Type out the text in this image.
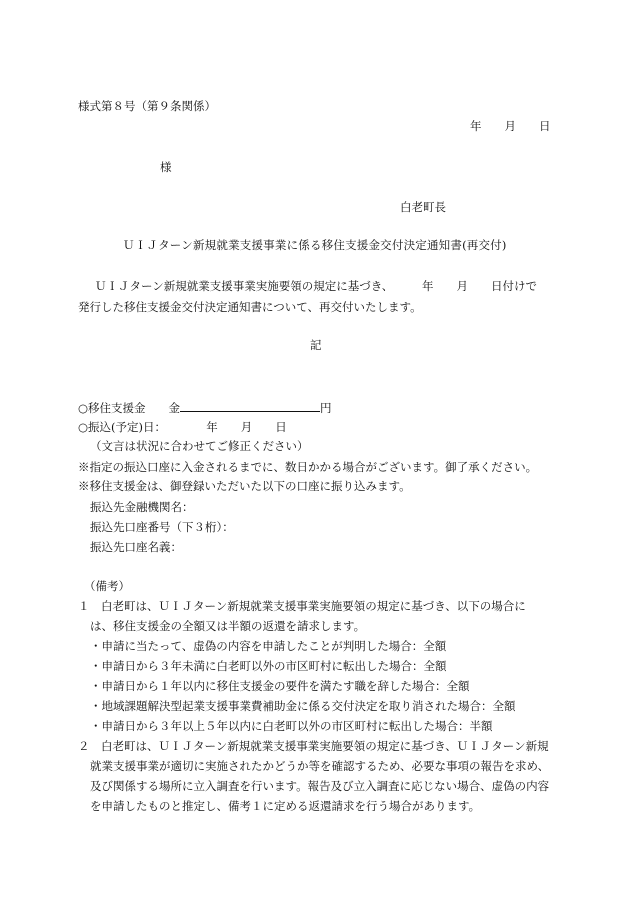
様式第８号（第９条関係）
年　　月　　日
様
白老町長
ＵＩＪターン新規就業支援事業に係る移住支援金交付決定通知書(再交付)
ＵＩＪターン新規就業支援事業実施要領の規定に基づき、　　　年　　月　　日付けで
発行した移住支援金交付決定通知書について、再交付いたします。
記
○移住支援金　　金	円
○振込(予定)日：　　　　年　　月　　日
（文言は状況に合わせてご修正ください）
※指定の振込口座に入金されるまでに、数日かかる場合がございます。御了承ください。
※移住支援金は、御登録いただいた以下の口座に振り込みます。
振込先金融機関名：
振込先口座番号（下３桁）：
振込先口座名義：
（備考）
１　白老町は、ＵＩＪターン新規就業支援事業実施要領の規定に基づき、以下の場合に
は、移住支援金の全額又は半額の返還を請求します。
・申請に当たって、虚偽の内容を申請したことが判明した場合：全額
・申請日から３年未満に白老町以外の市区町村に転出した場合：全額
・申請日から１年以内に移住支援金の要件を満たす職を辞した場合：全額
・地域課題解決型起業支援事業費補助金に係る交付決定を取り消された場合：全額
・申請日から３年以上５年以内に白老町以外の市区町村に転出した場合：半額
２　白老町は、ＵＩＪターン新規就業支援事業実施要領の規定に基づき、ＵＩＪターン新規
就業支援事業が適切に実施されたかどうか等を確認するため、必要な事項の報告を求め、
及び関係する場所に立入調査を行います。報告及び立入調査に応じない場合、虚偽の内容
を申請したものと推定し、備考１に定める返還請求を行う場合があります。
